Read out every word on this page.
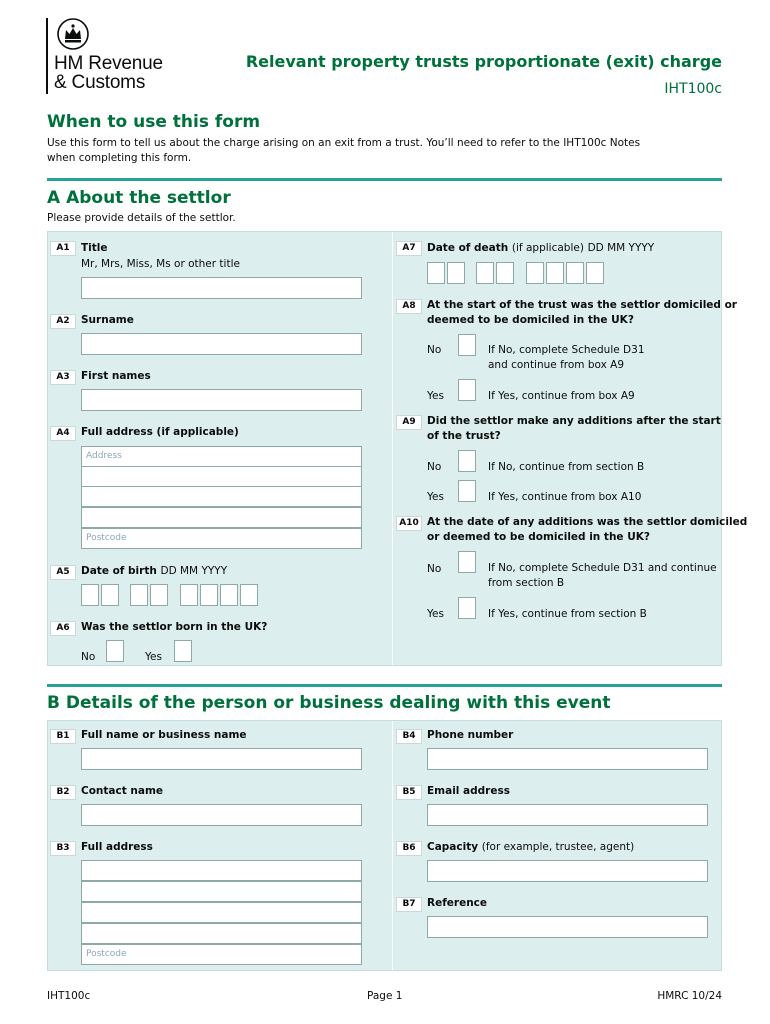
HM Revenue
& Customs
Relevant property trusts proportionate (exit) charge
IHT100c
When to use this form
Use this form to tell us about the charge arising on an exit from a trust. You’ll need to refer to the IHT100c Notes
when completing this form.
A About the settlor
Please provide details of the settlor.
A1	Title
Mr, Mrs, Miss, Ms or other title
A2	Surname
A3	First names
A4	Full address (if applicable)
Address
Postcode
A5	Date of birth DD MM YYYY
A6	Was the settlor born in the UK?
No	Yes
A7	Date of death (if applicable) DD MM YYYY
A8	At the start of the trust was the settlor domiciled or
deemed to be domiciled in the UK?
No	If No, complete Schedule D31
and continue from box A9
Yes	If Yes, continue from box A9
A9	Did the settlor make any additions after the start
of the trust?
No	If No, continue from section B
Yes	If Yes, continue from box A10
A10 At the date of any additions was the settlor domiciled
or deemed to be domiciled in the UK?
No	If No, complete Schedule D31 and continue
from section B
Yes	If Yes, continue from section B
B Details of the person or business dealing with this event
B1	Full name or business name
B2	Contact name
B3	Full address
Postcode
B4	Phone number
B5	Email address
B6	Capacity (for example, trustee, agent)
B7	Reference
IHT100c	Page 1	HMRC 10/24
